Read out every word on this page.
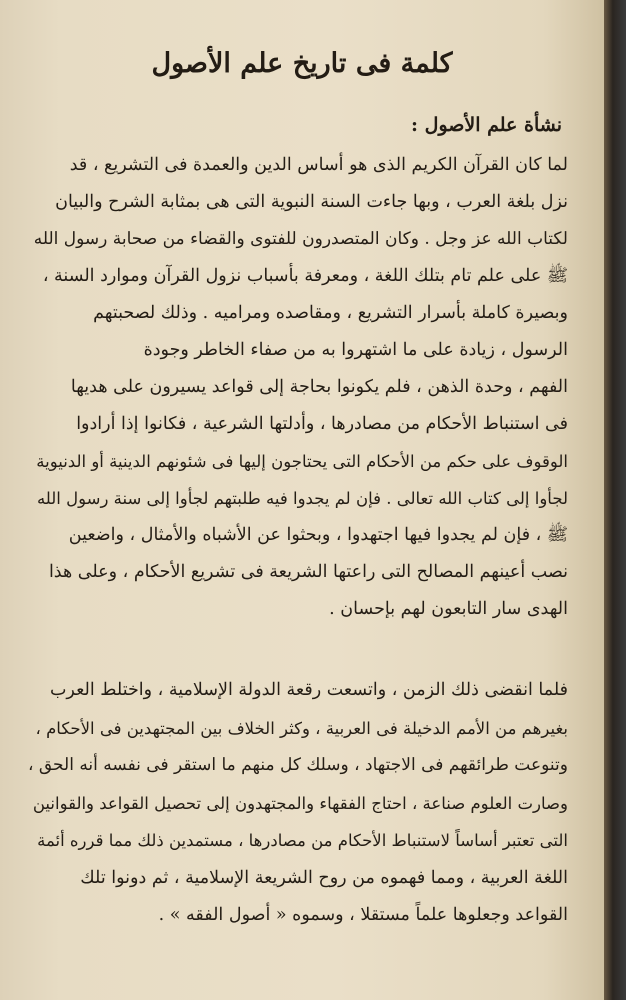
كلمة فى تاريخ علم الأصول
نشأة علم الأصول :
لما كان القرآن الكريم الذى هو أساس الدين والعمدة فى التشريع ، قد
نزل بلغة العرب ، وبها جاءت السنة النبوية التى هى بمثابة الشرح والبيان
لكتاب الله عز وجل . وكان المتصدرون للفتوى والقضاء من صحابة رسول الله
ﷺ على علم تام بتلك اللغة ، ومعرفة بأسباب نزول القرآن وموارد السنة ،
وبصيرة كاملة بأسرار التشريع ، ومقاصده ومراميه . وذلك لصحبتهم
الرسول ، زيادة على ما اشتهروا به من صفاء الخاطر وجودة
الفهم ، وحدة الذهن ، فلم يكونوا بحاجة إلى قواعد يسيرون على هديها
فى استنباط الأحكام من مصادرها ، وأدلتها الشرعية ، فكانوا إذا أرادوا
الوقوف على حكم من الأحكام التى يحتاجون إليها فى شئونهم الدينية أو الدنيوية
لجأوا إلى كتاب الله تعالى . فإن لم يجدوا فيه طلبتهم لجأوا إلى سنة رسول الله
ﷺ ، فإن لم يجدوا فيها اجتهدوا ، وبحثوا عن الأشباه والأمثال ، واضعين
نصب أعينهم المصالح التى راعتها الشريعة فى تشريع الأحكام ، وعلى هذا
الهدى سار التابعون لهم بإحسان .
فلما انقضى ذلك الزمن ، واتسعت رقعة الدولة الإسلامية ، واختلط العرب
بغيرهم من الأمم الدخيلة فى العربية ، وكثر الخلاف بين المجتهدين فى الأحكام ،
وتنوعت طرائقهم فى الاجتهاد ، وسلك كل منهم ما استقر فى نفسه أنه الحق ،
وصارت العلوم صناعة ، احتاج الفقهاء والمجتهدون إلى تحصيل القواعد والقوانين
التى تعتبر أساساً لاستنباط الأحكام من مصادرها ، مستمدين ذلك مما قرره أئمة
اللغة العربية ، ومما فهموه من روح الشريعة الإسلامية ، ثم دونوا تلك
القواعد وجعلوها علماً مستقلا ، وسموه « أصول الفقه » .
